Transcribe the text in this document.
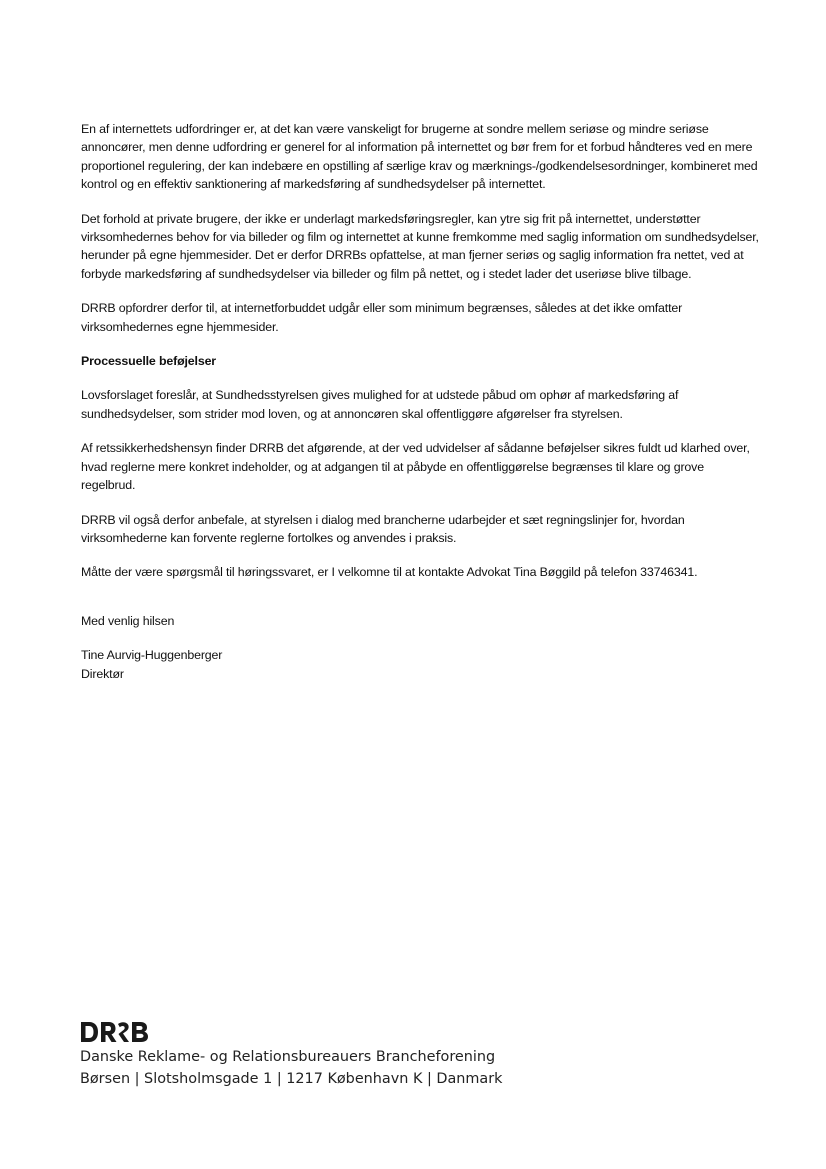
En af internettets udfordringer er, at det kan være vanskeligt for brugerne at sondre mellem seriøse og mindre seriøse annoncører, men denne udfordring er generel for al information på internettet og bør frem for et forbud håndteres ved en mere proportionel regulering, der kan indebære en opstilling af særlige krav og mærknings-/godkendelsesordninger, kombineret med kontrol og en effektiv sanktionering af markedsføring af sundhedsydelser på internettet.

Det forhold at private brugere, der ikke er underlagt markedsføringsregler, kan ytre sig frit på internettet, understøtter virksomhedernes behov for via billeder og film og internettet at kunne fremkomme med saglig information om sundhedsydelser, herunder på egne hjemmesider. Det er derfor DRRBs opfattelse, at man fjerner seriøs og saglig information fra nettet, ved at forbyde markedsføring af sundhedsydelser via billeder og film på nettet, og i stedet lader det useriøse blive tilbage.

DRRB opfordrer derfor til, at internetforbuddet udgår eller som minimum begrænses, således at det ikke omfatter virksomhedernes egne hjemmesider.

Processuelle beføjelser

Lovsforslaget foreslår, at Sundhedsstyrelsen gives mulighed for at udstede påbud om ophør af markedsføring af sundhedsydelser, som strider mod loven, og at annoncøren skal offentliggøre afgørelser fra styrelsen.

Af retssikkerhedshensyn finder DRRB det afgørende, at der ved udvidelser af sådanne beføjelser sikres fuldt ud klarhed over, hvad reglerne mere konkret indeholder, og at adgangen til at påbyde en offentliggørelse begrænses til klare og grove regelbrud.

DRRB vil også derfor anbefale, at styrelsen i dialog med brancherne udarbejder et sæt regningslinjer for, hvordan virksomhederne kan forvente reglerne fortolkes og anvendes i praksis.

Måtte der være spørgsmål til høringssvaret, er I velkomne til at kontakte Advokat Tina Bøggild på telefon 33746341.

Med venlig hilsen

Tine Aurvig-Huggenberger

Direktør

Danske Reklame- og Relationsbureauers Brancheforening
Børsen | Slotsholmsgade 1 | 1217 København K | Danmark
